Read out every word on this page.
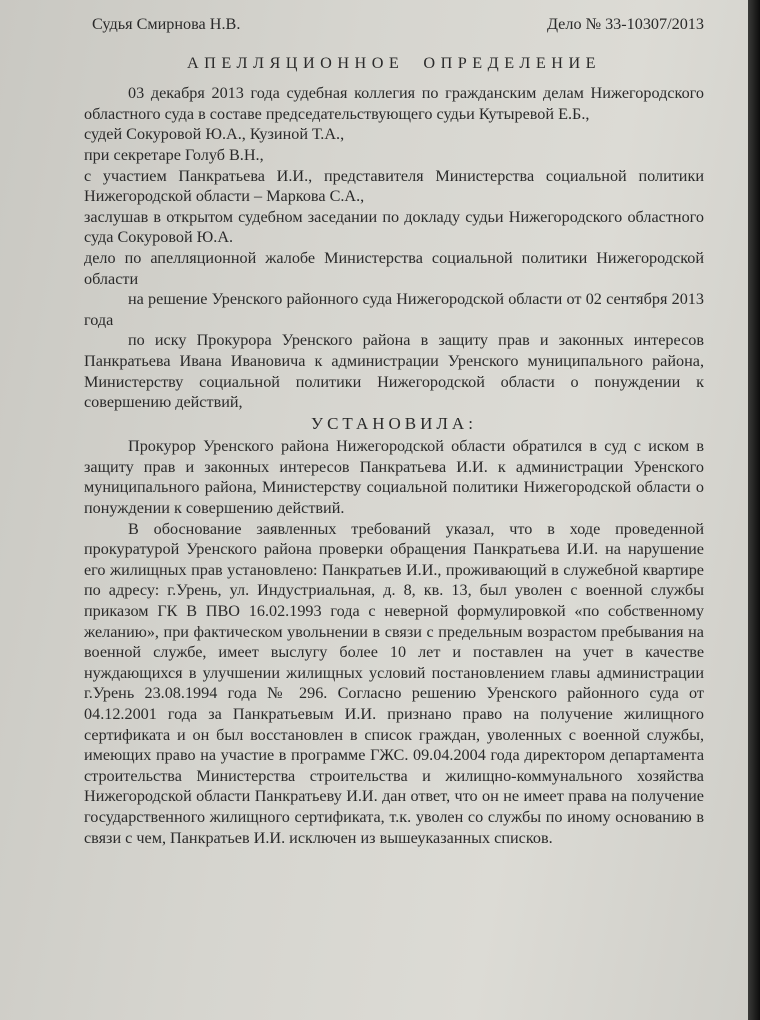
Судья Смирнова Н.В.	Дело № 33-10307/2013
АПЕЛЛЯЦИОННОЕ  ОПРЕДЕЛЕНИЕ

03 декабря 2013 года судебная коллегия по гражданским делам Нижегородского областного суда в составе председательствующего судьи Кутыревой Е.Б.,

судей Сокуровой Ю.А., Кузиной Т.А.,

при секретаре Голуб В.Н.,

с участием Панкратьева И.И., представителя Министерства социальной политики Нижегородской области – Маркова С.А.,

заслушав в открытом судебном заседании по докладу судьи Нижегородского областного суда Сокуровой Ю.А.

дело по апелляционной жалобе Министерства социальной политики Нижегородской области

на решение Уренского районного суда Нижегородской области от 02 сентября 2013 года

по иску Прокурора Уренского района в защиту прав и законных интересов Панкратьева Ивана Ивановича к администрации Уренского муниципального района, Министерству социальной политики Нижегородской области о понуждении к совершению действий,

УСТАНОВИЛА:

Прокурор Уренского района Нижегородской области обратился в суд с иском в защиту прав и законных интересов Панкратьева И.И. к администрации Уренского муниципального района, Министерству социальной политики Нижегородской области о понуждении к совершению действий.

В обоснование заявленных требований указал, что в ходе проведенной прокуратурой Уренского района проверки обращения Панкратьева И.И. на нарушение его жилищных прав установлено: Панкратьев И.И., проживающий в служебной квартире по адресу: г.Урень, ул. Индустриальная, д. 8, кв. 13, был уволен с военной службы приказом ГК В ПВО 16.02.1993 года с неверной формулировкой «по собственному желанию», при фактическом увольнении в связи с предельным возрастом пребывания на военной службе, имеет выслугу более 10 лет и поставлен на учет в качестве нуждающихся в улучшении жилищных условий постановлением главы администрации г.Урень 23.08.1994 года № 296. Согласно решению Уренского районного суда от 04.12.2001 года за Панкратьевым И.И. признано право на получение жилищного сертификата и он был восстановлен в список граждан, уволенных с военной службы, имеющих право на участие в программе ГЖС. 09.04.2004 года директором департамента строительства Министерства строительства и жилищно-коммунального хозяйства Нижегородской области Панкратьеву И.И. дан ответ, что он не имеет права на получение государственного жилищного сертификата, т.к. уволен со службы по иному основанию в связи с чем, Панкратьев И.И. исключен из вышеуказанных списков.
